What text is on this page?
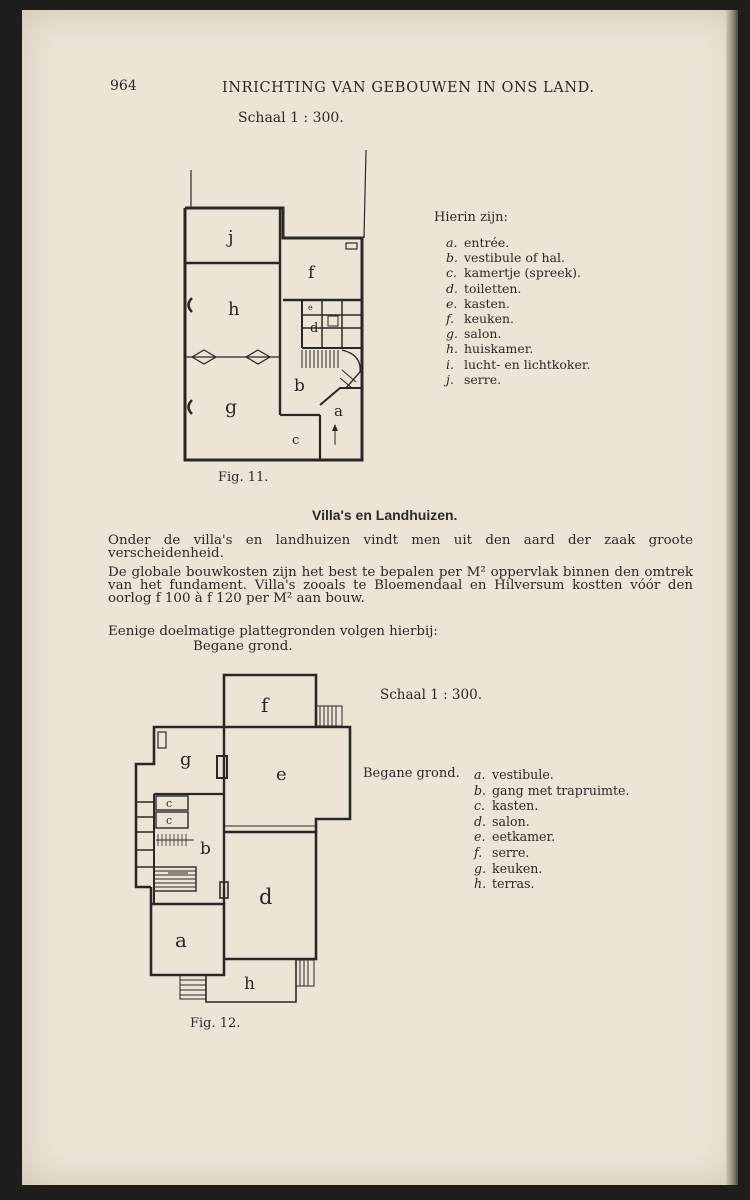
964	INRICHTING VAN GEBOUWEN IN ONS LAND.
Schaal 1 : 300.
j
f
h
d
b
g	a
c
e
Hierin zijn:
a. entrée.
b. vestibule of hal.
c. kamertje (spreek).
d. toiletten.
e. kasten.
f. keuken.
g. salon.
h. huiskamer.
i. lucht- en lichtkoker.
j. serre.
Fig. 11.
Villa's en Landhuizen.
Onder de villa's en landhuizen vindt men uit den aard der zaak groote verscheidenheid.
De globale bouwkosten zijn het best te bepalen per M² oppervlak binnen den omtrek van het fundament. Villa's zooals te Bloemendaal en Hilversum kostten vóór den oorlog f 100 à f 120 per M² aan bouw.
Eenige doelmatige plattegronden volgen hierbij:
Begane grond.
f
g
e
c
c
b
d
a
h
Schaal 1 : 300.
Begane grond. a. vestibule.
b. gang met trapruimte.
c. kasten.
d. salon.
e. eetkamer.
f. serre.
g. keuken.
h. terras.
Fig. 12.
